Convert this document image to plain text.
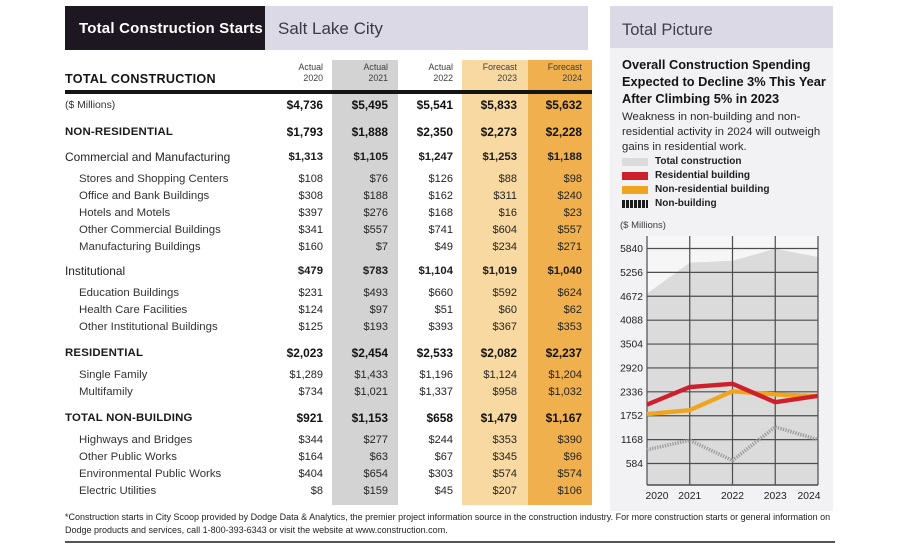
Total Construction Starts Salt Lake City
Actual
2020
Actual
2021
Actual
2022
Forecast
2023
Forecast
2024
TOTAL CONSTRUCTION
($ Millions)	$4,736	$5,495	$5,541	$5,833	$5,632
NON-RESIDENTIAL	$1,793	$1,888	$2,350	$2,273	$2,228
Commercial and Manufacturing	$1,313	$1,105	$1,247	$1,253	$1,188
Stores and Shopping Centers	$108	$76	$126	$88	$98
Office and Bank Buildings	$308	$188	$162	$311	$240
Hotels and Motels	$397	$276	$168	$16	$23
Other Commercial Buildings	$341	$557	$741	$604	$557
Manufacturing Buildings	$160	$7	$49	$234	$271
Institutional	$479	$783	$1,104	$1,019	$1,040
Education Buildings	$231	$493	$660	$592	$624
Health Care Facilities	$124	$97	$51	$60	$62
Other Institutional Buildings	$125	$193	$393	$367	$353
RESIDENTIAL	$2,023	$2,454	$2,533	$2,082	$2,237
Single Family	$1,289	$1,433	$1,196	$1,124	$1,204
Multifamily	$734	$1,021	$1,337	$958	$1,032
TOTAL NON-BUILDING	$921	$1,153	$658	$1,479	$1,167
Highways and Bridges	$344	$277	$244	$353	$390
Other Public Works	$164	$63	$67	$345	$96
Environmental Public Works	$404	$654	$303	$574	$574
Electric Utilities	$8	$159	$45	$207	$106
*Construction starts in City Scoop provided by Dodge Data & Analytics, the premier project information source in the construction industry. For more construction starts or general information on Dodge products and services, call 1-800-393-6343 or visit the website at www.construction.com.
Total Picture
Overall Construction Spending Expected to Decline 3% This Year After Climbing 5% in 2023
Weakness in non-building and non-residential activity in 2024 will outweigh gains in residential work.
Total construction
Residential building
Non-residential building
Non-building
($ Millions)
584
1168
1752
2336
2920
3504
4088
4672
5256
5840
2020 2021 2022 2023 2024
